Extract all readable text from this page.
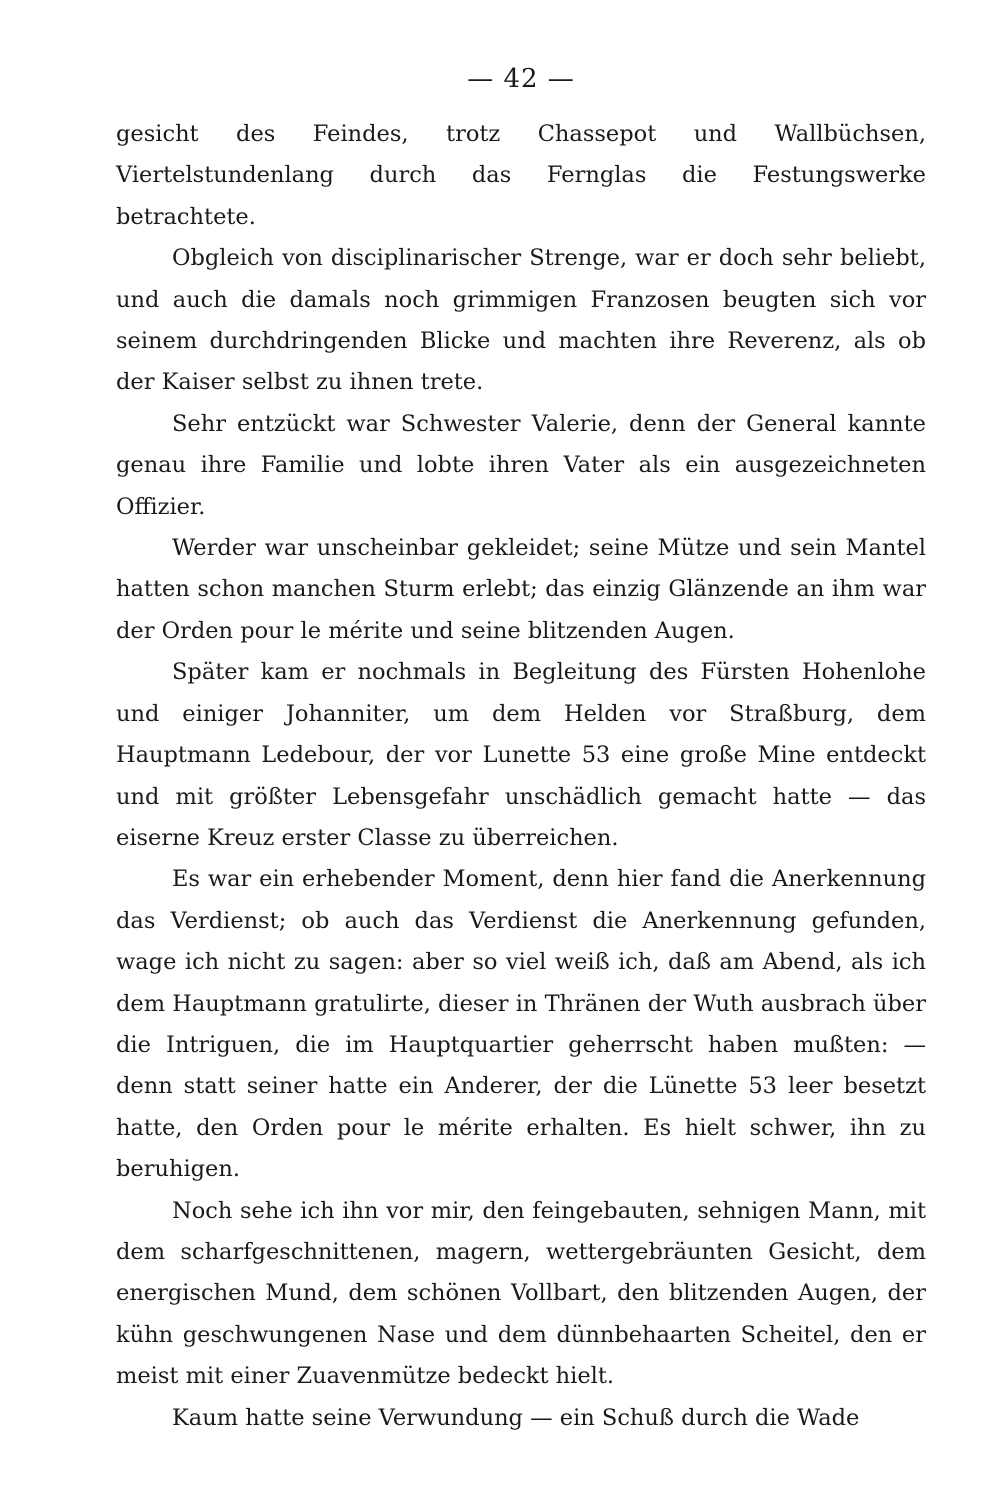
— 42 —

gesicht des Feindes, trotz Chassepot und Wallbüchsen, Viertelstundenlang durch das Fernglas die Festungswerke betrachtete.

Obgleich von disciplinarischer Strenge, war er doch sehr beliebt, und auch die damals noch grimmigen Franzosen beugten sich vor seinem durchdringenden Blicke und machten ihre Reverenz, als ob der Kaiser selbst zu ihnen trete.

Sehr entzückt war Schwester Valerie, denn der General kannte genau ihre Familie und lobte ihren Vater als ein ausgezeichneten Offizier.

Werder war unscheinbar gekleidet; seine Mütze und sein Mantel hatten schon manchen Sturm erlebt; das einzig Glänzende an ihm war der Orden pour le mérite und seine blitzenden Augen.

Später kam er nochmals in Begleitung des Fürsten Hohenlohe und einiger Johanniter, um dem Helden vor Straßburg, dem Hauptmann Ledebour, der vor Lunette 53 eine große Mine entdeckt und mit größter Lebensgefahr unschädlich gemacht hatte — das eiserne Kreuz erster Classe zu überreichen.

Es war ein erhebender Moment, denn hier fand die Anerkennung das Verdienst; ob auch das Verdienst die Anerkennung gefunden, wage ich nicht zu sagen: aber so viel weiß ich, daß am Abend, als ich dem Hauptmann gratulirte, dieser in Thränen der Wuth ausbrach über die Intriguen, die im Hauptquartier geherrscht haben mußten: — denn statt seiner hatte ein Anderer, der die Lünette 53 leer besetzt hatte, den Orden pour le mérite erhalten. Es hielt schwer, ihn zu beruhigen.

Noch sehe ich ihn vor mir, den feingebauten, sehnigen Mann, mit dem scharfgeschnittenen, magern, wettergebräunten Gesicht, dem energischen Mund, dem schönen Vollbart, den blitzenden Augen, der kühn geschwungenen Nase und dem dünnbehaarten Scheitel, den er meist mit einer Zuavenmütze bedeckt hielt.

Kaum hatte seine Verwundung — ein Schuß durch die Wade
